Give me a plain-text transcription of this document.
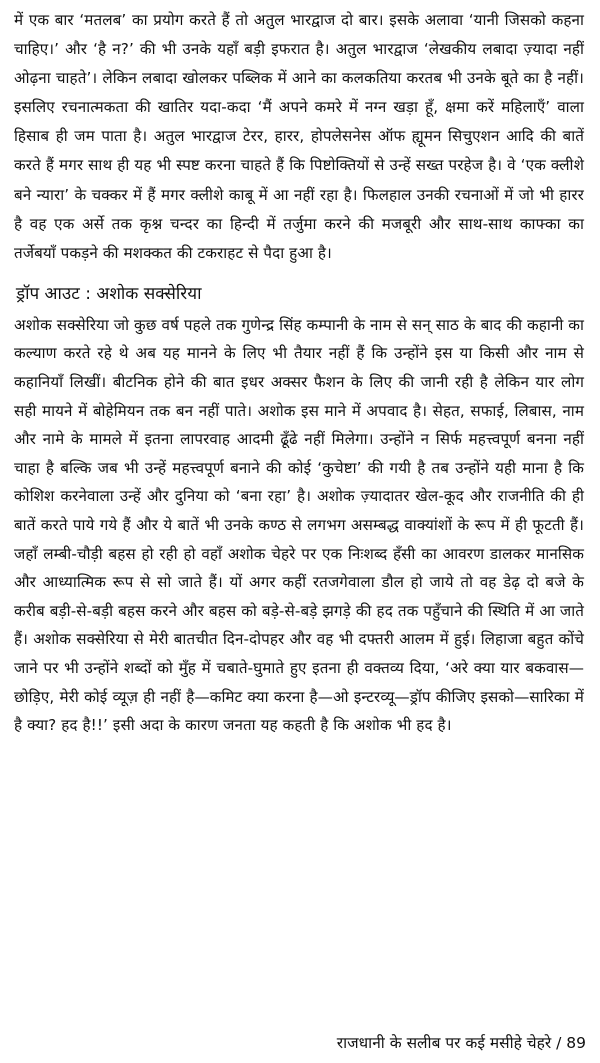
में एक बार ‘मतलब’ का प्रयोग करते हैं तो अतुल भारद्वाज दो बार। इसके अलावा ‘यानी जिसको कहना चाहिए।’ और ‘है न?’ की भी उनके यहाँ बड़ी इफरात है। अतुल भारद्वाज ‘लेखकीय लबादा ज़्यादा नहीं ओढ़ना चाहते’। लेकिन लबादा खोलकर पब्लिक में आने का कलकतिया करतब भी उनके बूते का है नहीं। इसलिए रचनात्मकता की खातिर यदा-कदा ‘मैं अपने कमरे में नग्न खड़ा हूँ, क्षमा करें महिलाएँ’ वाला हिसाब ही जम पाता है। अतुल भारद्वाज टेरर, हारर, होपलेसनेस ऑफ ह्यूमन सिचुएशन आदि की बातें करते हैं मगर साथ ही यह भी स्पष्ट करना चाहते हैं कि पिष्टोक्तियों से उन्हें सख्त परहेज है। वे ‘एक क्लीशे बने न्यारा’ के चक्कर में हैं मगर क्लीशे काबू में आ नहीं रहा है। फिलहाल उनकी रचनाओं में जो भी हारर है वह एक अर्से तक कृश्न चन्दर का हिन्दी में तर्जुमा करने की मजबूरी और साथ-साथ काफ्का का तर्जेबयाँ पकड़ने की मशक्कत की टकराहट से पैदा हुआ है।

ड्रॉप आउट : अशोक सक्सेरिया

अशोक सक्सेरिया जो कुछ वर्ष पहले तक गुणेन्द्र सिंह कम्पानी के नाम से सन् साठ के बाद की कहानी का कल्याण करते रहे थे अब यह मानने के लिए भी तैयार नहीं हैं कि उन्होंने इस या किसी और नाम से कहानियाँ लिखीं। बीटनिक होने की बात इधर अक्सर फैशन के लिए की जानी रही है लेकिन यार लोग सही मायने में बोहेमियन तक बन नहीं पाते। अशोक इस माने में अपवाद है। सेहत, सफाई, लिबास, नाम और नामे के मामले में इतना लापरवाह आदमी ढूँढे नहीं मिलेगा। उन्होंने न सिर्फ महत्त्वपूर्ण बनना नहीं चाहा है बल्कि जब भी उन्हें महत्त्वपूर्ण बनाने की कोई ‘कुचेष्टा’ की गयी है तब उन्होंने यही माना है कि कोशिश करनेवाला उन्हें और दुनिया को ‘बना रहा’ है। अशोक ज़्यादातर खेल-कूद और राजनीति की ही बातें करते पाये गये हैं और ये बातें भी उनके कण्ठ से लगभग असम्बद्ध वाक्यांशों के रूप में ही फूटती हैं। जहाँ लम्बी-चौड़ी बहस हो रही हो वहाँ अशोक चेहरे पर एक निःशब्द हँसी का आवरण डालकर मानसिक और आध्यात्मिक रूप से सो जाते हैं। यों अगर कहीं रतजगेवाला डौल हो जाये तो वह डेढ़ दो बजे के करीब बड़ी-से-बड़ी बहस करने और बहस को बड़े-से-बड़े झगड़े की हद तक पहुँचाने की स्थिति में आ जाते हैं। अशोक सक्सेरिया से मेरी बातचीत दिन-दोपहर और वह भी दफ्तरी आलम में हुई। लिहाजा बहुत कोंचे जाने पर भी उन्होंने शब्दों को मुँह में चबाते-घुमाते हुए इतना ही वक्तव्य दिया, ‘अरे क्या यार बकवास—छोड़िए, मेरी कोई व्यूज़ ही नहीं है—कमिट क्या करना है—ओ इन्टरव्यू—ड्रॉप कीजिए इसको—सारिका में है क्या? हद है!!’ इसी अदा के कारण जनता यह कहती है कि अशोक भी हद है।

राजधानी के सलीब पर कई मसीहे चेहरे / 89
